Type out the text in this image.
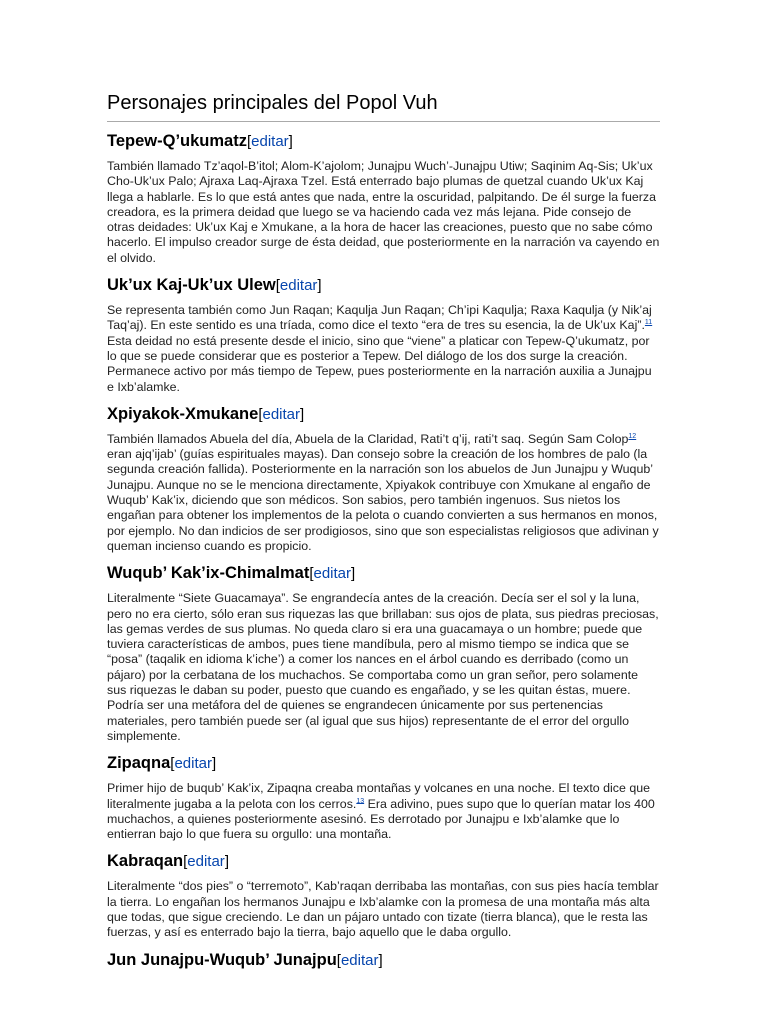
Personajes principales del Popol Vuh
Tepew-Q’ukumatz[editar]

También llamado Tz’aqol-B’itol; Alom-K’ajolom; Junajpu Wuch’-Junajpu Utiw; Saqinim Aq-Sis; Uk’ux Cho-Uk’ux Palo; Ajraxa Laq-Ajraxa Tzel. Está enterrado bajo plumas de quetzal cuando Uk’ux Kaj llega a hablarle. Es lo que está antes que nada, entre la oscuridad, palpitando. De él surge la fuerza creadora, es la primera deidad que luego se va haciendo cada vez más lejana. Pide consejo de otras deidades: Uk’ux Kaj e Xmukane, a la hora de hacer las creaciones, puesto que no sabe cómo hacerlo. El impulso creador surge de ésta deidad, que posteriormente en la narración va cayendo en el olvido.

Uk’ux Kaj-Uk’ux Ulew[editar]

Se representa también como Jun Raqan; Kaqulja Jun Raqan; Ch’ipi Kaqulja; Raxa Kaqulja (y Nik’aj Taq’aj). En este sentido es una tríada, como dice el texto “era de tres su esencia, la de Uk’ux Kaj”.$^{11}$ Esta deidad no está presente desde el inicio, sino que “viene” a platicar con Tepew-Q’ukumatz, por lo que se puede considerar que es posterior a Tepew. Del diálogo de los dos surge la creación. Permanece activo por más tiempo de Tepew, pues posteriormente en la narración auxilia a Junajpu e Ixb’alamke.

Xpiyakok-Xmukane[editar]

También llamados Abuela del día, Abuela de la Claridad, Rati’t q’ij, rati’t saq. Según Sam Colop$^{12}$ eran ajq’ijab’ (guías espirituales mayas). Dan consejo sobre la creación de los hombres de palo (la segunda creación fallida). Posteriormente en la narración son los abuelos de Jun Junajpu y Wuqub’ Junajpu. Aunque no se le menciona directamente, Xpiyakok contribuye con Xmukane al engaño de Wuqub’ Kak’ix, diciendo que son médicos. Son sabios, pero también ingenuos. Sus nietos los engañan para obtener los implementos de la pelota o cuando convierten a sus hermanos en monos, por ejemplo. No dan indicios de ser prodigiosos, sino que son especialistas religiosos que adivinan y queman incienso cuando es propicio.

Wuqub’ Kak’ix-Chimalmat[editar]

Literalmente “Siete Guacamaya”. Se engrandecía antes de la creación. Decía ser el sol y la luna, pero no era cierto, sólo eran sus riquezas las que brillaban: sus ojos de plata, sus piedras preciosas, las gemas verdes de sus plumas. No queda claro si era una guacamaya o un hombre; puede que tuviera características de ambos, pues tiene mandíbula, pero al mismo tiempo se indica que se “posa” (taqalik en idioma k’iche’) a comer los nances en el árbol cuando es derribado (como un pájaro) por la cerbatana de los muchachos. Se comportaba como un gran señor, pero solamente sus riquezas le daban su poder, puesto que cuando es engañado, y se les quitan éstas, muere. Podría ser una metáfora del de quienes se engrandecen únicamente por sus pertenencias materiales, pero también puede ser (al igual que sus hijos) representante de el error del orgullo simplemente.

Zipaqna[editar]

Primer hijo de buqub’ Kak’ix, Zipaqna creaba montañas y volcanes en una noche. El texto dice que literalmente jugaba a la pelota con los cerros.$^{13}$ Era adivino, pues supo que lo querían matar los 400 muchachos, a quienes posteriormente asesinó. Es derrotado por Junajpu e Ixb’alamke que lo entierran bajo lo que fuera su orgullo: una montaña.

Kabraqan[editar]

Literalmente “dos pies” o “terremoto”, Kab’raqan derribaba las montañas, con sus pies hacía temblar la tierra. Lo engañan los hermanos Junajpu e Ixb’alamke con la promesa de una montaña más alta que todas, que sigue creciendo. Le dan un pájaro untado con tizate (tierra blanca), que le resta las fuerzas, y así es enterrado bajo la tierra, bajo aquello que le daba orgullo.

Jun Junajpu-Wuqub’ Junajpu[editar]
